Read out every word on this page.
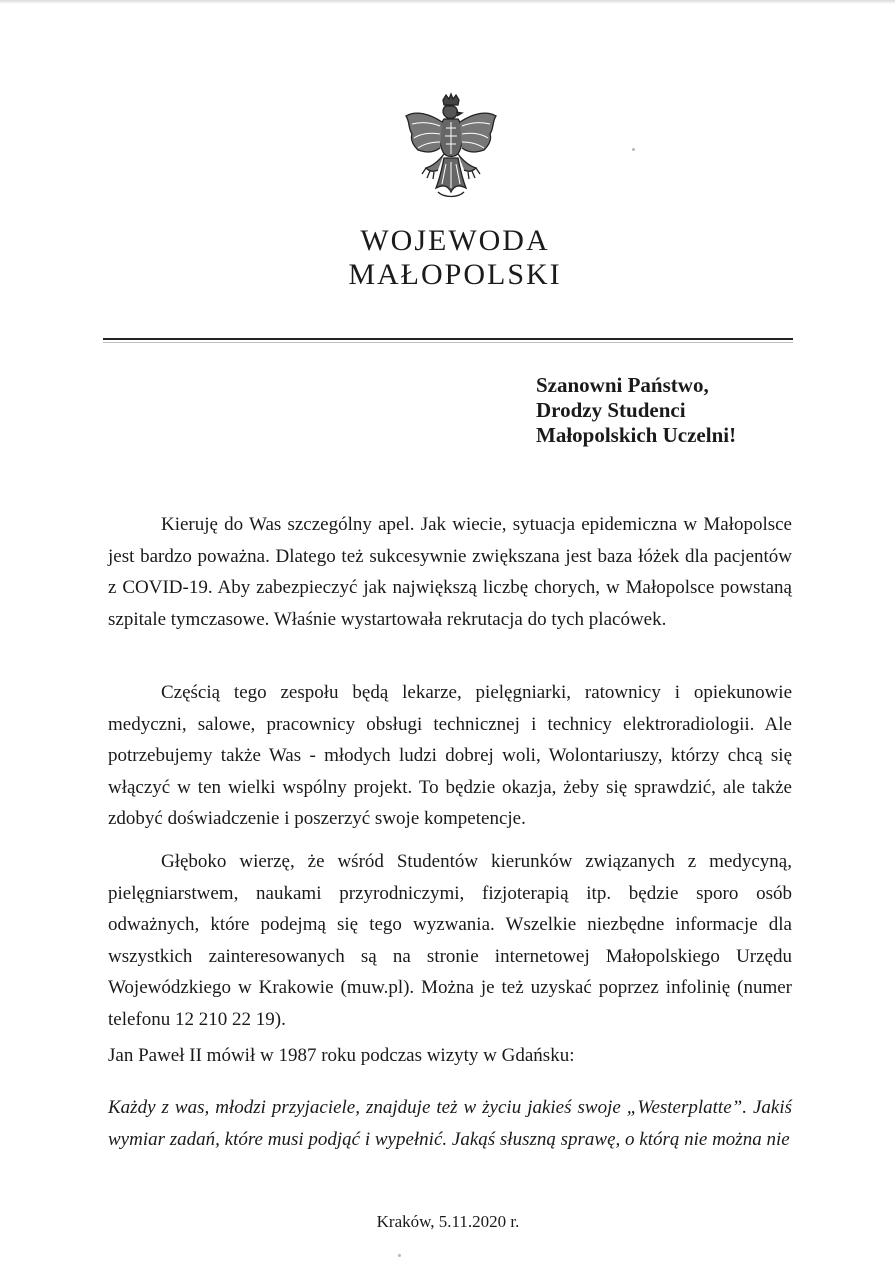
WOJEWODA
MAŁOPOLSKI
Szanowni Państwo,
Drodzy Studenci
Małopolskich Uczelni!
Kieruję do Was szczególny apel. Jak wiecie, sytuacja epidemiczna w Małopolsce jest bardzo poważna. Dlatego też sukcesywnie zwiększana jest baza łóżek dla pacjentów z COVID-19. Aby zabezpieczyć jak największą liczbę chorych, w Małopolsce powstaną szpitale tymczasowe. Właśnie wystartowała rekrutacja do tych placówek.
Częścią tego zespołu będą lekarze, pielęgniarki, ratownicy i opiekunowie medyczni, salowe, pracownicy obsługi technicznej i technicy elektroradiologii. Ale potrzebujemy także Was - młodych ludzi dobrej woli, Wolontariuszy, którzy chcą się włączyć w ten wielki wspólny projekt. To będzie okazja, żeby się sprawdzić, ale także zdobyć doświadczenie i poszerzyć swoje kompetencje.
Głęboko wierzę, że wśród Studentów kierunków związanych z medycyną, pielęgniarstwem, naukami przyrodniczymi, fizjoterapią itp. będzie sporo osób odważnych, które podejmą się tego wyzwania. Wszelkie niezbędne informacje dla wszystkich zainteresowanych są na stronie internetowej Małopolskiego Urzędu Wojewódzkiego w Krakowie (muw.pl). Można je też uzyskać poprzez infolinię (numer telefonu 12 210 22 19).
Jan Paweł II mówił w 1987 roku podczas wizyty w Gdańsku:
Każdy z was, młodzi przyjaciele, znajduje też w życiu jakieś swoje „Westerplatte”. Jakiś wymiar zadań, które musi podjąć i wypełnić. Jakąś słuszną sprawę, o którą nie można nie
Kraków, 5.11.2020 r.
